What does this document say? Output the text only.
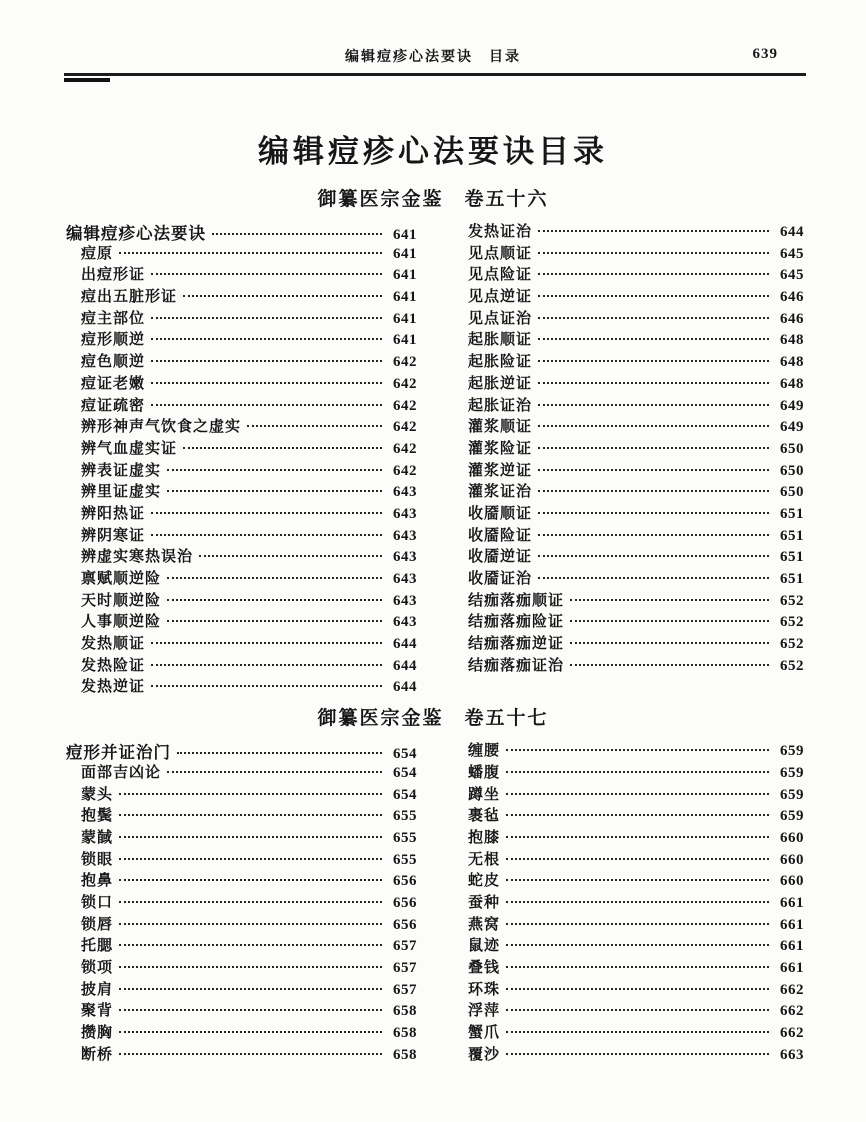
编辑痘疹心法要诀　目录	639
编辑痘疹心法要诀目录
御纂医宗金鉴　卷五十六
编辑痘疹心法要诀	641
痘原	641
出痘形证	641
痘出五脏形证	641
痘主部位	641
痘形顺逆	641
痘色顺逆	642
痘证老嫩	642
痘证疏密	642
辨形神声气饮食之虚实	642
辨气血虚实证	642
辨表证虚实	642
辨里证虚实	643
辨阳热证	643
辨阴寒证	643
辨虚实寒热误治	643
禀赋顺逆险	643
天时顺逆险	643
人事顺逆险	643
发热顺证	644
发热险证	644
发热逆证	644
发热证治	644
见点顺证	645
见点险证	645
见点逆证	646
见点证治	646
起胀顺证	648
起胀险证	648
起胀逆证	648
起胀证治	649
灌浆顺证	649
灌浆险证	650
灌浆逆证	650
灌浆证治	650
收靥顺证	651
收靥险证	651
收靥逆证	651
收靥证治	651
结痂落痂顺证	652
结痂落痂险证	652
结痂落痂逆证	652
结痂落痂证治	652
御纂医宗金鉴　卷五十七
痘形并证治门	654
面部吉凶论	654
蒙头	654
抱鬓	655
蒙馘	655
锁眼	655
抱鼻	656
锁口	656
锁唇	656
托腮	657
锁项	657
披肩	657
聚背	658
攒胸	658
断桥	658
缠腰	659
蟠腹	659
蹲坐	659
裹毡	659
抱膝	660
无根	660
蛇皮	660
蚕种	661
燕窝	661
鼠迹	661
叠钱	661
环珠	662
浮萍	662
蟹爪	662
覆沙	663
